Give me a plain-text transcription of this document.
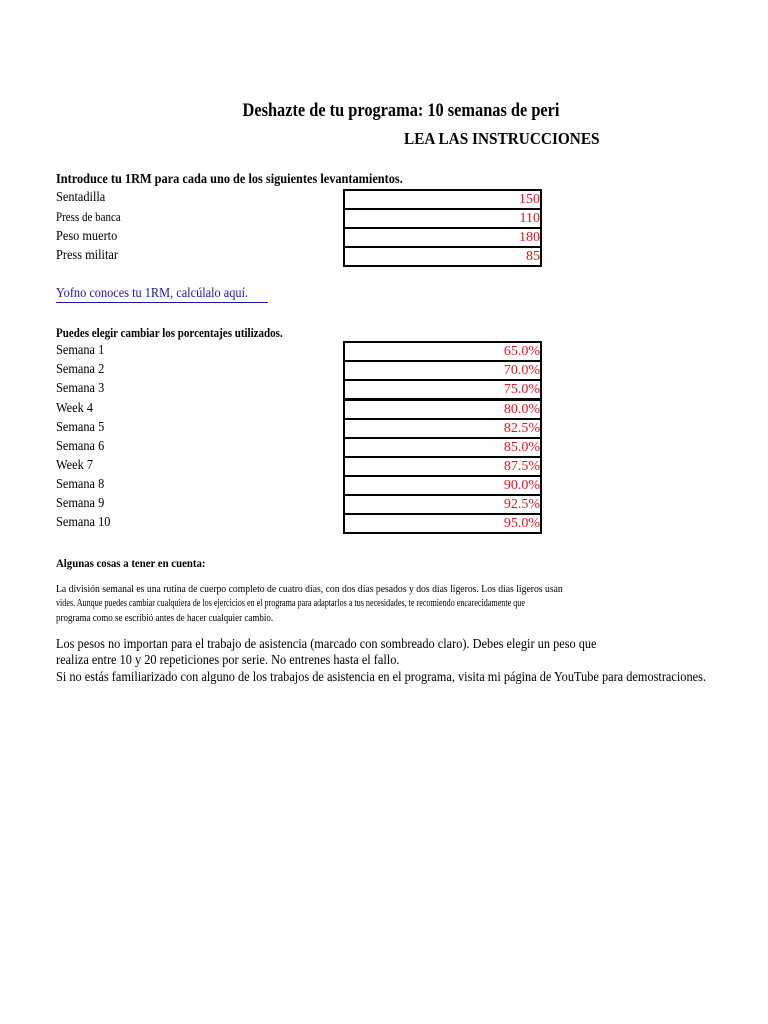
Deshazte de tu programa: 10 semanas de peri
LEA LAS INSTRUCCIONES
Introduce tu 1RM para cada uno de los siguientes levantamientos.
Sentadilla	150
Press de banca	110
Peso muerto	180
Press militar	85
Yofno conoces tu 1RM, calcúlalo aquí.
Puedes elegir cambiar los porcentajes utilizados.
Semana 1	65.0%
Semana 2	70.0%
Semana 3	75.0%
Week 4	80.0%
Semana 5	82.5%
Semana 6	85.0%
Week 7	87.5%
Semana 8	90.0%
Semana 9	92.5%
Semana 10	95.0%
Algunas cosas a tener en cuenta:
La división semanal es una rutina de cuerpo completo de cuatro días, con dos días pesados y dos días ligeros. Los días ligeros usan
vides. Aunque puedes cambiar cualquiera de los ejercicios en el programa para adaptarlos a tus necesidades, te recomiendo encarecidamente que
programa como se escribió antes de hacer cualquier cambio.
Los pesos no importan para el trabajo de asistencia (marcado con sombreado claro). Debes elegir un peso que
realiza entre 10 y 20 repeticiones por serie. No entrenes hasta el fallo.
Si no estás familiarizado con alguno de los trabajos de asistencia en el programa, visita mi página de YouTube para demostraciones.
